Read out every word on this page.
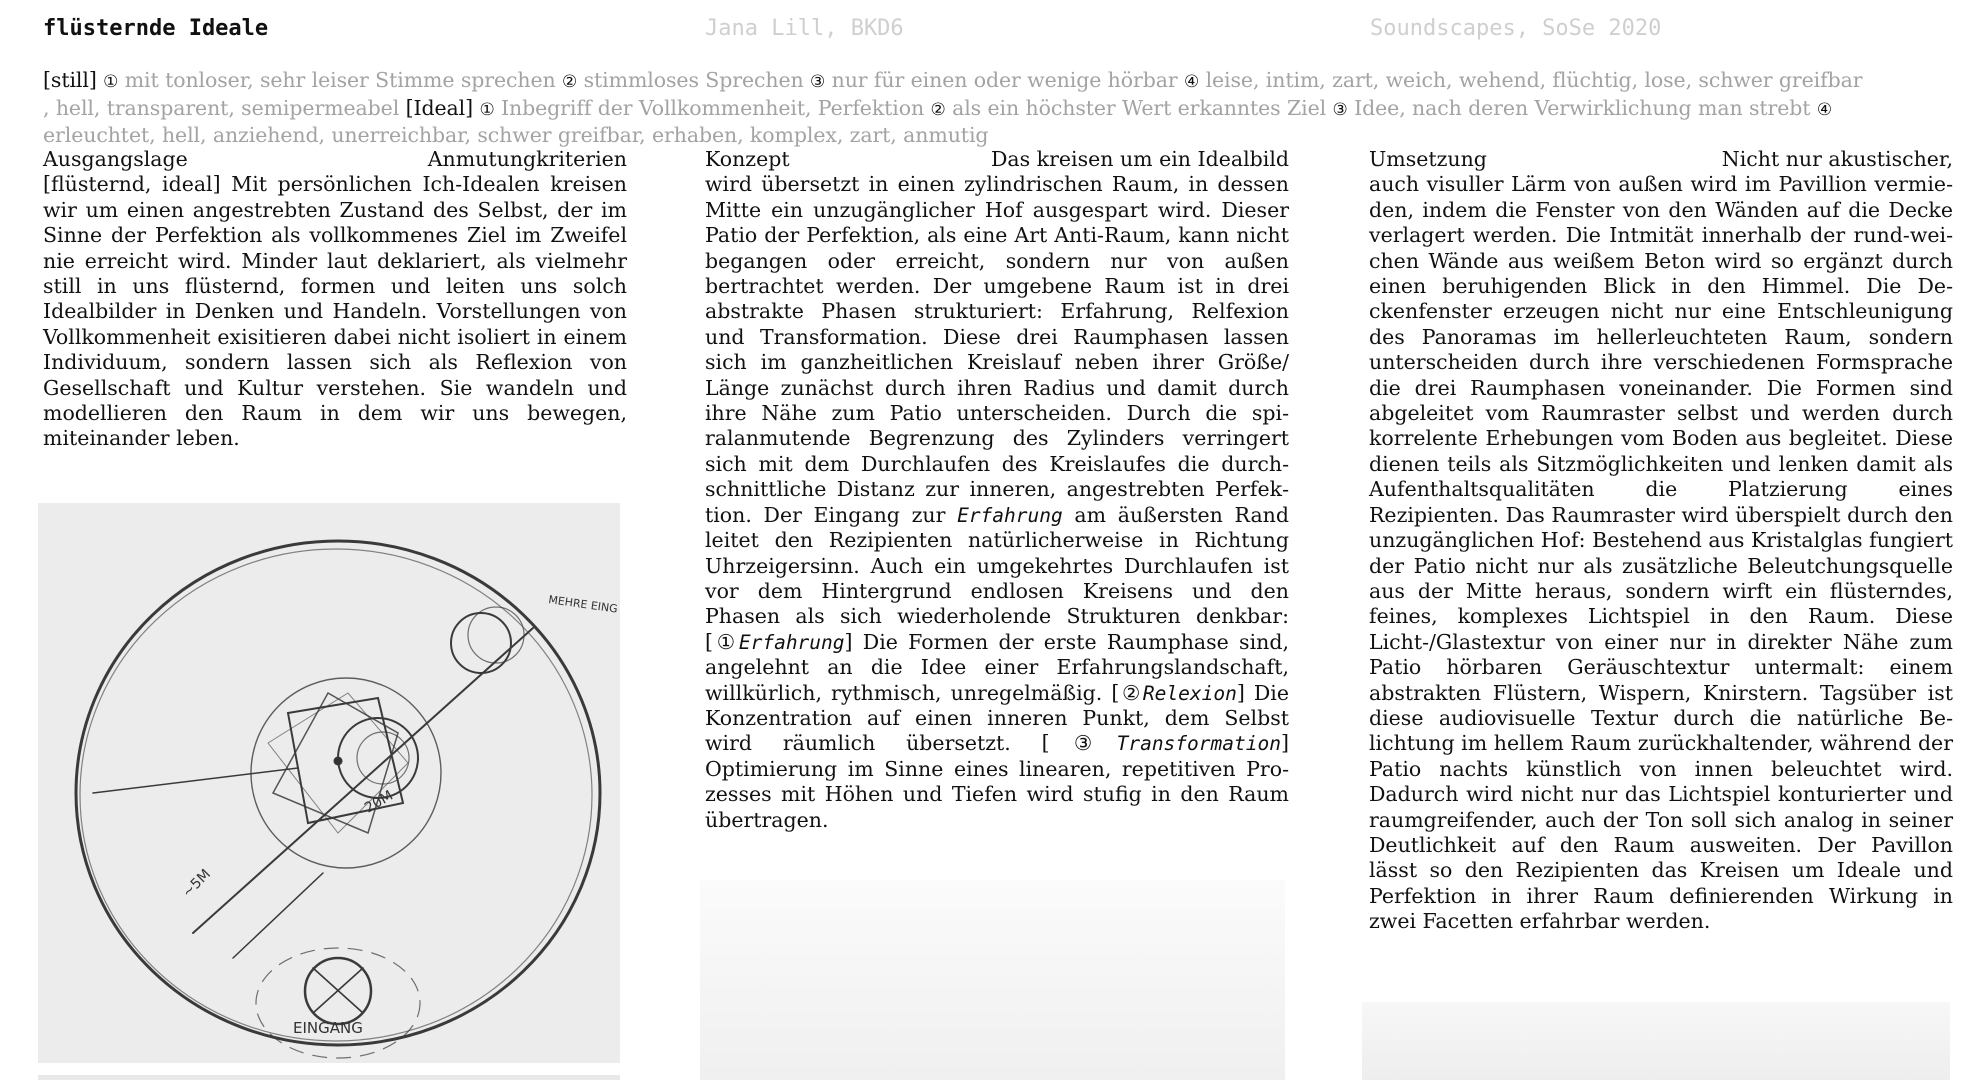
flüsternde Ideale	Jana Lill, BKD6	Soundscapes, SoSe 2020
[still] ① mit tonloser, sehr leiser Stimme sprechen ② stimmloses Sprechen ③ nur für einen oder wenige hörbar ④ leise, intim, zart, weich, wehend, flüchtig, lose, schwer greifbar
, hell, transparent, semipermeabel [Ideal] ① Inbegriff der Vollkommenheit, Perfektion ② als ein höchster Wert erkanntes Ziel ③ Idee, nach deren Verwirklichung man strebt ④
erleuchtet, hell, anziehend, unerreichbar, schwer greifbar, erhaben, komplex, zart, anmutig
Ausgangslage	Anmutungkriterien

[flüsternd, ideal] Mit persönlichen Ich-Idealen kreisen wir um einen angestrebten Zustand des Selbst, der im Sinne der Perfektion als vollkommenes Ziel im Zweifel nie erreicht wird. Minder laut deklariert, als vielmehr still in uns flüsternd, formen und leiten uns solch Idealbilder in Denken und Handeln. Vorstellungen von Vollkommenheit exisitieren dabei nicht isoliert in einem Individuum, sondern lassen sich als Reflexion von Gesellschaft und Kultur verstehen. Sie wandeln und modellieren den Raum in dem wir uns bewegen, miteinander leben.

EINGANG
20M
~5M
MEHRE EING
Konzept	Das kreisen um ein Idealbild

wird übersetzt in einen zylindrischen Raum, in dessen Mitte ein unzugänglicher Hof ausgespart wird. Dieser Patio der Perfektion, als eine Art Anti-Raum, kann nicht begangen oder erreicht, sondern nur von außen bertrachtet werden. Der umgebene Raum ist in drei abstrakte Phasen strukturiert: Erfahrung, Relfexion und Transformation. Diese drei Raumphasen lassen sich im ganzheitlichen Kreislauf neben ihrer Größe/ Länge zunächst durch ihren Radius und damit durch ihre Nähe zum Patio unterscheiden. Durch die spiralanmutende Begrenzung des Zylinders verringert sich mit dem Durchlaufen des Kreislaufes die durchschnittliche Distanz zur inneren, angestrebten Perfektion. Der Eingang zur Erfahrung am äußersten Rand leitet den Rezipienten natürlicherweise in Richtung Uhrzeigersinn. Auch ein umgekehrtes Durchlaufen ist vor dem Hintergrund endlosen Kreisens und den Phasen als sich wiederholende Strukturen denkbar: [①Erfahrung] Die Formen der erste Raumphase sind, angelehnt an die Idee einer Erfahrungslandschaft, willkürlich, rythmisch, unregelmäßig. [②Relexion] Die Konzentration auf einen inneren Punkt, dem Selbst wird räumlich übersetzt. [③Transformation] Optimierung im Sinne eines linearen, repetitiven Prozesses mit Höhen und Tiefen wird stufig in den Raum übertragen.

Umsetzung	Nicht nur akustischer,

auch visuller Lärm von außen wird im Pavillion vermieden, indem die Fenster von den Wänden auf die Decke verlagert werden. Die Intmität innerhalb der rund-weichen Wände aus weißem Beton wird so ergänzt durch einen beruhigenden Blick in den Himmel. Die Deckenfenster erzeugen nicht nur eine Entschleunigung des Panoramas im hellerleuchteten Raum, sondern unterscheiden durch ihre verschiedenen Formsprache die drei Raumphasen voneinander. Die Formen sind abgeleitet vom Raumraster selbst und werden durch korrelente Erhebungen vom Boden aus begleitet. Diese dienen teils als Sitzmöglichkeiten und lenken damit als Aufenthaltsqualitäten die Platzierung eines Rezipienten. Das Raumraster wird überspielt durch den unzugänglichen Hof: Bestehend aus Kristalglas fungiert der Patio nicht nur als zusätzliche Beleutchungsquelle aus der Mitte heraus, sondern wirft ein flüsterndes, feines, komplexes Lichtspiel in den Raum. Diese Licht-/Glastextur von einer nur in direkter Nähe zum Patio hörbaren Geräuschtextur untermalt: einem abstrakten Flüstern, Wispern, Knirstern. Tagsüber ist diese audiovisuelle Textur durch die natürliche Belichtung im hellem Raum zurückhaltender, während der Patio nachts künstlich von innen beleuchtet wird. Dadurch wird nicht nur das Lichtspiel konturierter und raumgreifender, auch der Ton soll sich analog in seiner Deutlichkeit auf den Raum ausweiten. Der Pavillon lässt so den Rezipienten das Kreisen um Ideale und Perfektion in ihrer Raum definierenden Wirkung in zwei Facetten erfahrbar werden.
